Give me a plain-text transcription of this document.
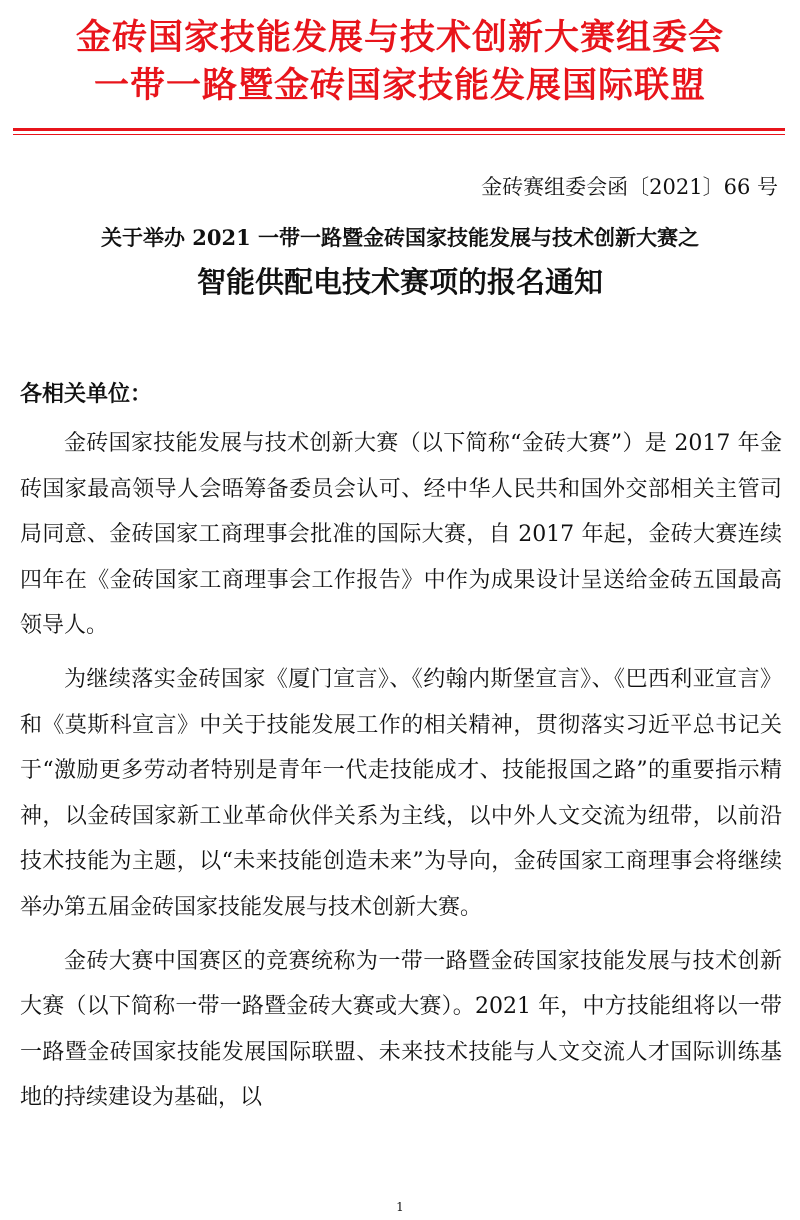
金砖国家技能发展与技术创新大赛组委会
一带一路暨金砖国家技能发展国际联盟
金砖赛组委会函〔2021〕66 号
关于举办 2021 一带一路暨金砖国家技能发展与技术创新大赛之
智能供配电技术赛项的报名通知
各相关单位：

金砖国家技能发展与技术创新大赛（以下简称“金砖大赛”）是 2017 年金砖国家最高领导人会晤筹备委员会认可、经中华人民共和国外交部相关主管司局同意、金砖国家工商理事会批准的国际大赛，自 2017 年起，金砖大赛连续四年在《金砖国家工商理事会工作报告》中作为成果设计呈送给金砖五国最高领导人。

为继续落实金砖国家《厦门宣言》、《约翰内斯堡宣言》、《巴西利亚宣言》和《莫斯科宣言》中关于技能发展工作的相关精神，贯彻落实习近平总书记关于“激励更多劳动者特别是青年一代走技能成才、技能报国之路”的重要指示精神，以金砖国家新工业革命伙伴关系为主线，以中外人文交流为纽带，以前沿技术技能为主题，以“未来技能创造未来”为导向，金砖国家工商理事会将继续举办第五届金砖国家技能发展与技术创新大赛。

金砖大赛中国赛区的竞赛统称为一带一路暨金砖国家技能发展与技术创新大赛（以下简称一带一路暨金砖大赛或大赛）。2021 年，中方技能组将以一带一路暨金砖国家技能发展国际联盟、未来技术技能与人文交流人才国际训练基地的持续建设为基础，以

1
